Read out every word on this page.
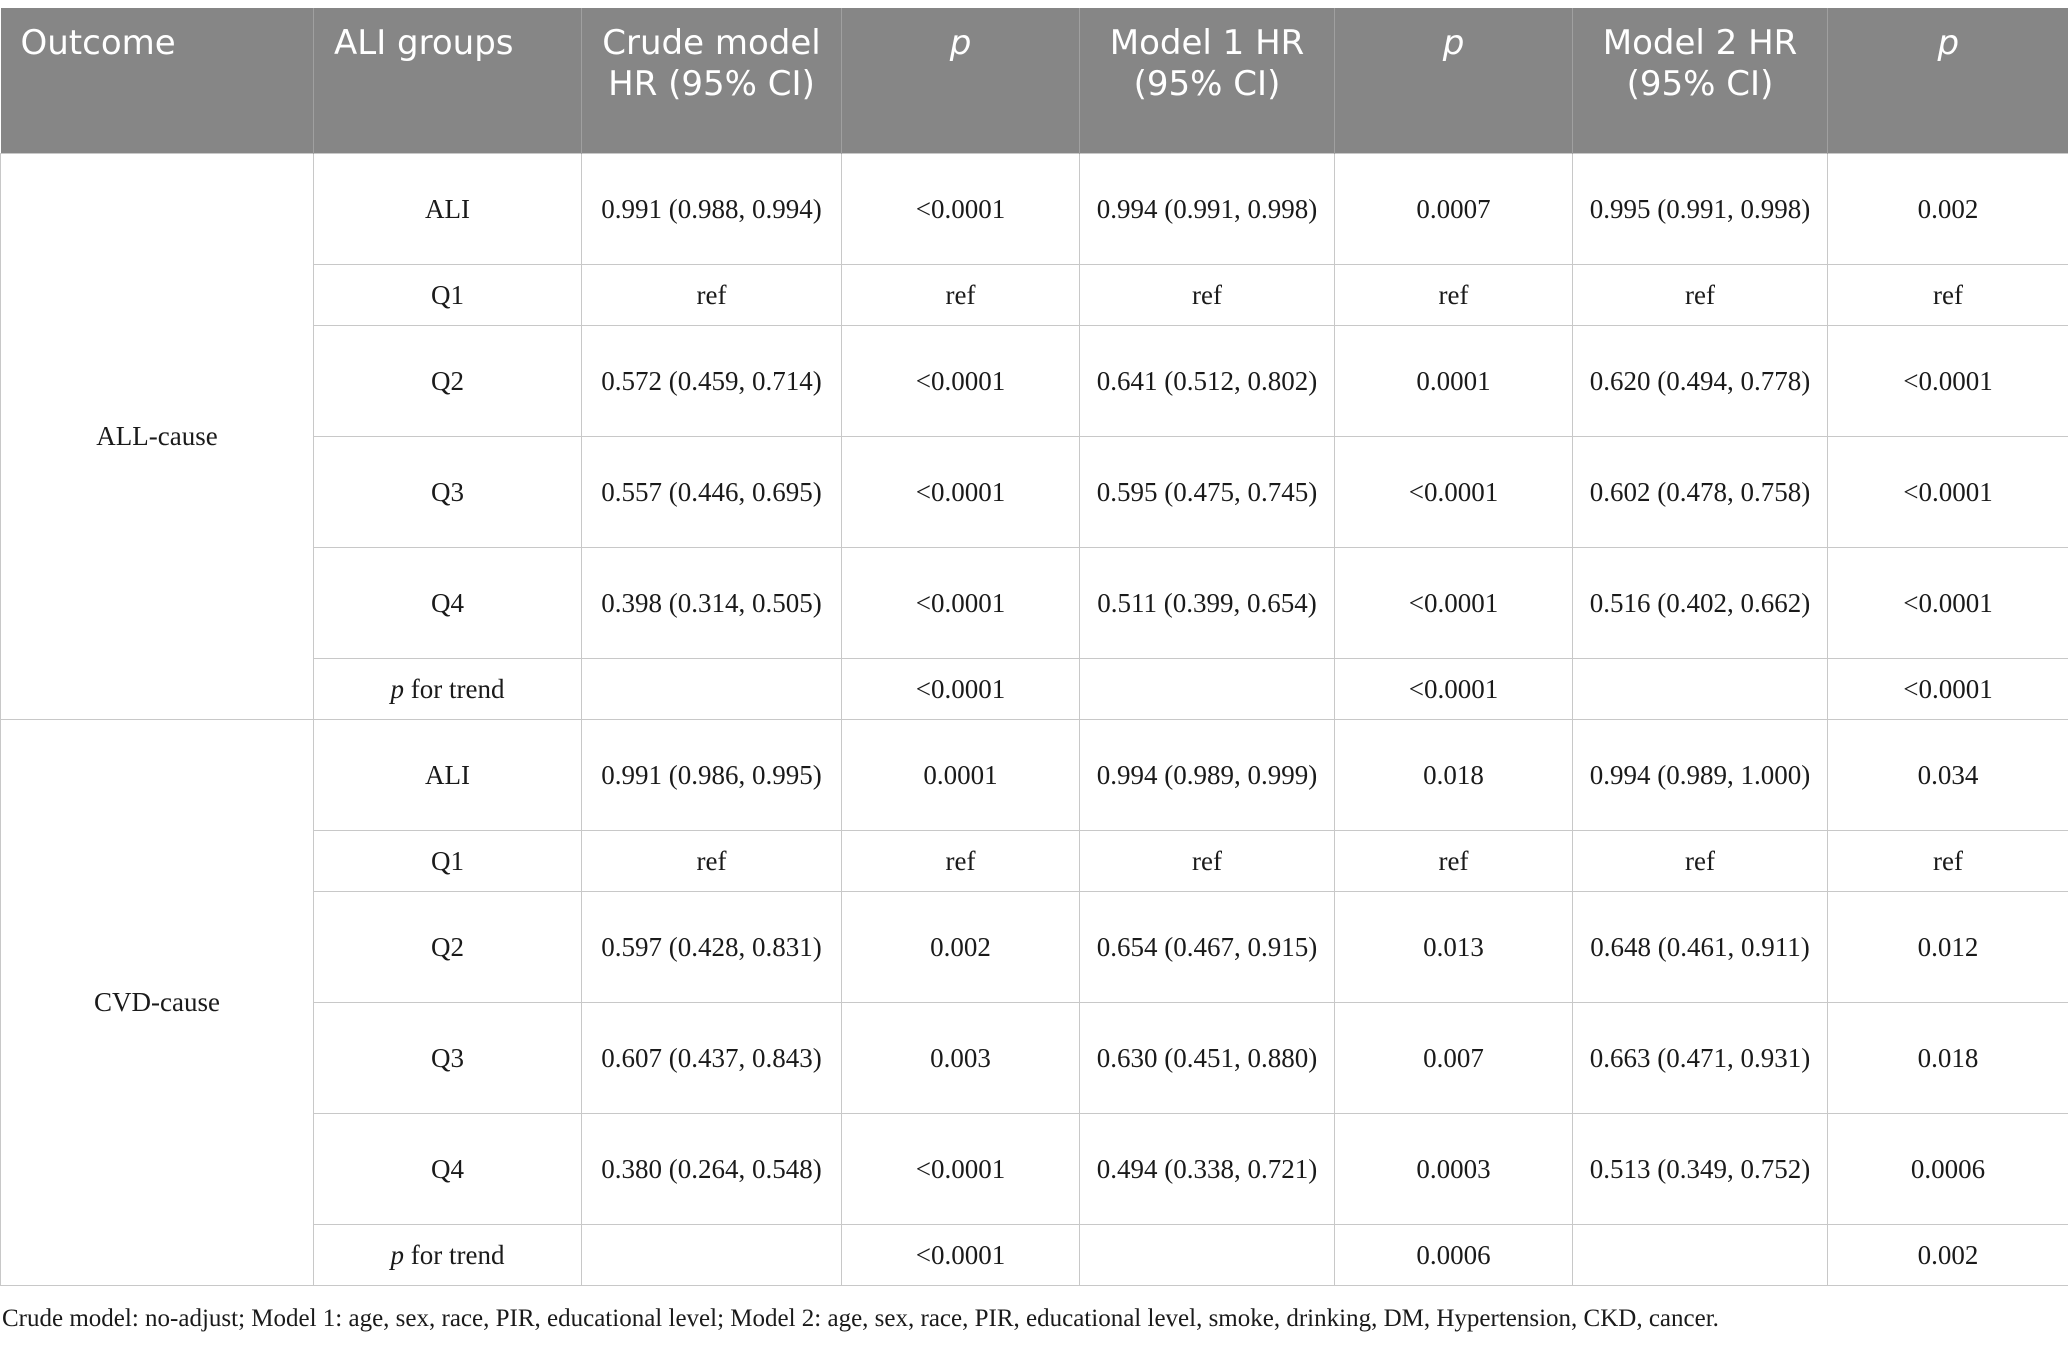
Outcome	ALI groups	Crude model HR (95% CI)	p	Model 1 HR (95% CI)	p	Model 2 HR (95% CI)	p
ALL-cause	ALI	0.991 (0.988, 0.994)	<0.0001	0.994 (0.991, 0.998)	0.0007	0.995 (0.991, 0.998)	0.002
	Q1	ref	ref	ref	ref	ref	ref
	Q2	0.572 (0.459, 0.714)	<0.0001	0.641 (0.512, 0.802)	0.0001	0.620 (0.494, 0.778)	<0.0001
	Q3	0.557 (0.446, 0.695)	<0.0001	0.595 (0.475, 0.745)	<0.0001	0.602 (0.478, 0.758)	<0.0001
	Q4	0.398 (0.314, 0.505)	<0.0001	0.511 (0.399, 0.654)	<0.0001	0.516 (0.402, 0.662)	<0.0001
	p for trend		<0.0001		<0.0001		<0.0001
CVD-cause	ALI	0.991 (0.986, 0.995)	0.0001	0.994 (0.989, 0.999)	0.018	0.994 (0.989, 1.000)	0.034
	Q1	ref	ref	ref	ref	ref	ref
	Q2	0.597 (0.428, 0.831)	0.002	0.654 (0.467, 0.915)	0.013	0.648 (0.461, 0.911)	0.012
	Q3	0.607 (0.437, 0.843)	0.003	0.630 (0.451, 0.880)	0.007	0.663 (0.471, 0.931)	0.018
	Q4	0.380 (0.264, 0.548)	<0.0001	0.494 (0.338, 0.721)	0.0003	0.513 (0.349, 0.752)	0.0006
	p for trend		<0.0001		0.0006		0.002
Crude model: no-adjust; Model 1: age, sex, race, PIR, educational level; Model 2: age, sex, race, PIR, educational level, smoke, drinking, DM, Hypertension, CKD, cancer.
